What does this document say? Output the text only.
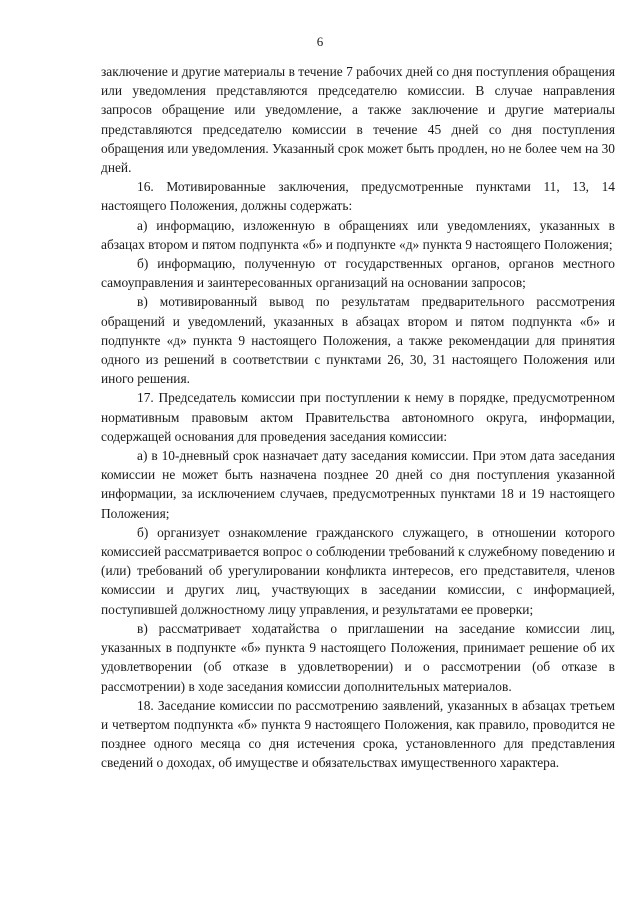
6

заключение и другие материалы в течение 7 рабочих дней со дня поступления обращения или уведомления представляются председателю комиссии. В случае направления запросов обращение или уведомление, а также заключение и другие материалы представляются председателю комиссии в течение 45 дней со дня поступления обращения или уведомления. Указанный срок может быть продлен, но не более чем на 30 дней.

16. Мотивированные заключения, предусмотренные пунктами 11, 13, 14 настоящего Положения, должны содержать:

а) информацию, изложенную в обращениях или уведомлениях, указанных в абзацах втором и пятом подпункта «б» и подпункте «д» пункта 9 настоящего Положения;

б) информацию, полученную от государственных органов, органов местного самоуправления и заинтересованных организаций на основании запросов;

в) мотивированный вывод по результатам предварительного рассмотрения обращений и уведомлений, указанных в абзацах втором и пятом подпункта «б» и подпункте «д» пункта 9 настоящего Положения, а также рекомендации для принятия одного из решений в соответствии с пунктами 26, 30, 31 настоящего Положения или иного решения.

17. Председатель комиссии при поступлении к нему в порядке, предусмотренном нормативным правовым актом Правительства автономного округа, информации, содержащей основания для проведения заседания комиссии:

а) в 10-дневный срок назначает дату заседания комиссии. При этом дата заседания комиссии не может быть назначена позднее 20 дней со дня поступления указанной информации, за исключением случаев, предусмотренных пунктами 18 и 19 настоящего Положения;

б) организует ознакомление гражданского служащего, в отношении которого комиссией рассматривается вопрос о соблюдении требований к служебному поведению и (или) требований об урегулировании конфликта интересов, его представителя, членов комиссии и других лиц, участвующих в заседании комиссии, с информацией, поступившей должностному лицу управления, и результатами ее проверки;

в) рассматривает ходатайства о приглашении на заседание комиссии лиц, указанных в подпункте «б» пункта 9 настоящего Положения, принимает решение об их удовлетворении (об отказе в удовлетворении) и о рассмотрении (об отказе в рассмотрении) в ходе заседания комиссии дополнительных материалов.

18. Заседание комиссии по рассмотрению заявлений, указанных в абзацах третьем и четвертом подпункта «б» пункта 9 настоящего Положения, как правило, проводится не позднее одного месяца со дня истечения срока, установленного для представления сведений о доходах, об имуществе и обязательствах имущественного характера.
